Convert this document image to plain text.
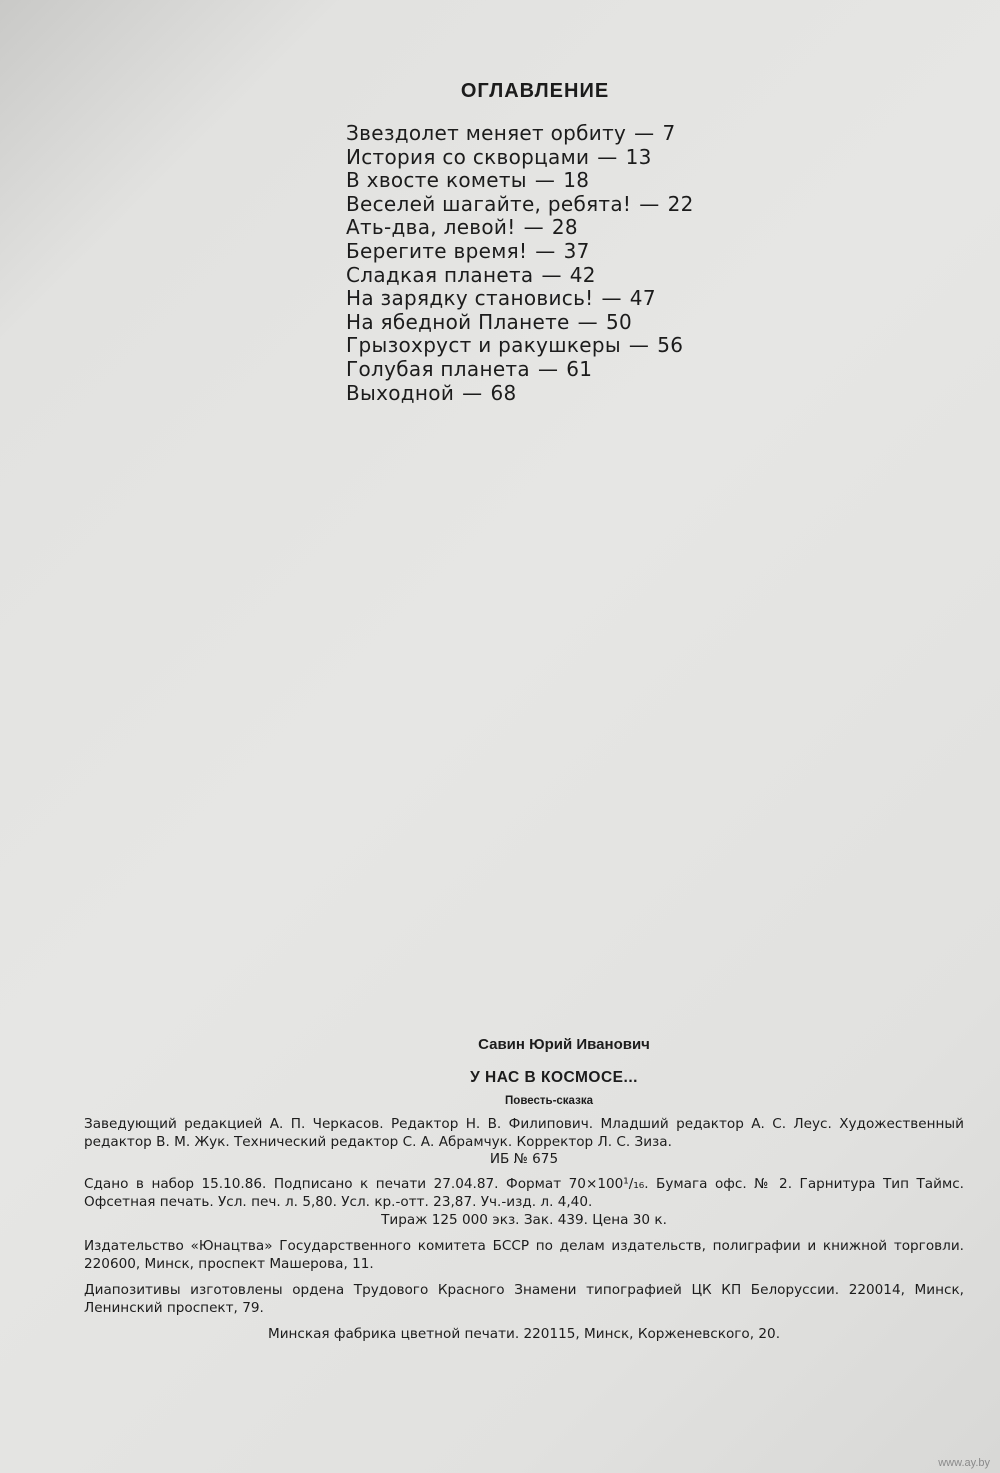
ОГЛАВЛЕНИЕ
Звездолет меняет орбиту — 7
История со скворцами — 13
В хвосте кометы — 18
Веселей шагайте, ребята! — 22
Ать-два, левой! — 28
Берегите время! — 37
Сладкая планета — 42
На зарядку становись! — 47
На ябедной Планете — 50
Грызохруст и ракушкеры — 56
Голубая планета — 61
Выходной — 68
Савин Юрий Иванович
У НАС В КОСМОСЕ...
Повесть-сказка
Заведующий редакцией А. П. Черкасов. Редактор Н. В. Филипович. Младший редактор А. С. Леус. Художественный редактор В. М. Жук. Технический редактор С. А. Абрамчук. Корректор Л. С. Зиза.
ИБ № 675
Сдано в набор 15.10.86. Подписано к печати 27.04.87. Формат 70×100¹/₁₆. Бумага офс. № 2. Гарнитура Тип Таймс. Офсетная печать. Усл. печ. л. 5,80. Усл. кр.-отт. 23,87. Уч.-изд. л. 4,40.
Тираж 125 000 экз. Зак. 439. Цена 30 к.
Издательство «Юнацтва» Государственного комитета БССР по делам издательств, полиграфии и книжной торговли. 220600, Минск, проспект Машерова, 11.
Диапозитивы изготовлены ордена Трудового Красного Знамени типографией ЦК КП Белоруссии. 220014, Минск, Ленинский проспект, 79.
Минская фабрика цветной печати. 220115, Минск, Корженевского, 20.
www.ay.by
